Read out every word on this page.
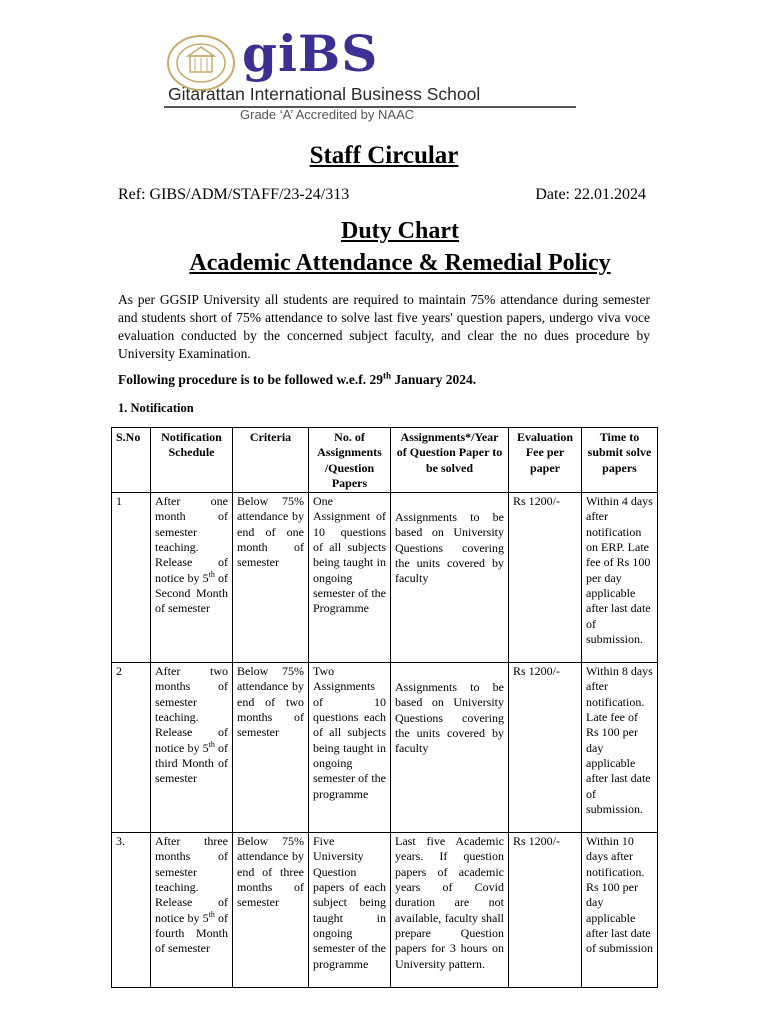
giBS
Gitarattan International Business School
Grade ‘A’ Accredited by NAAC
Staff Circular
Ref: GIBS/ADM/STAFF/23-24/313	Date: 22.01.2024
Duty Chart
Academic Attendance & Remedial Policy
As per GGSIP University all students are required to maintain 75% attendance during semester and students short of 75% attendance to solve last five years' question papers, undergo viva voce evaluation conducted by the concerned subject faculty, and clear the no dues procedure by University Examination.
Following procedure is to be followed w.e.f. 29th January 2024.
1. Notification
S.No	Notification Schedule	Criteria	No. of Assignments /Question Papers	Assignments*/Year of Question Paper to be solved	Evaluation Fee per paper	Time to submit solve papers
1	After one month of semester teaching. Release of notice by 5th of Second Month of semester	Below 75% attendance by end of one month of semester	One Assignment of 10 questions of all subjects being taught in ongoing semester of the Programme	Assignments to be based on University Questions covering the units covered by faculty	Rs 1200/-	Within 4 days after notification on ERP. Late fee of Rs 100 per day applicable after last date of submission.
2	After two months of semester teaching. Release of notice by 5th of third Month of semester	Below 75% attendance by end of two months of semester	Two Assignments of 10 questions each of all subjects being taught in ongoing semester of the programme	Assignments to be based on University Questions covering the units covered by faculty	Rs 1200/-	Within 8 days after notification. Late fee of Rs 100 per day applicable after last date of submission.
3.	After three months of semester teaching. Release of notice by 5th of fourth Month of semester	Below 75% attendance by end of three months of semester	Five University Question papers of each subject being taught in ongoing semester of the programme	Last five Academic years. If question papers of academic years of Covid duration are not available, faculty shall prepare Question papers for 3 hours on University pattern.	Rs 1200/-	Within 10 days after notification. Rs 100 per day applicable after last date of submission
